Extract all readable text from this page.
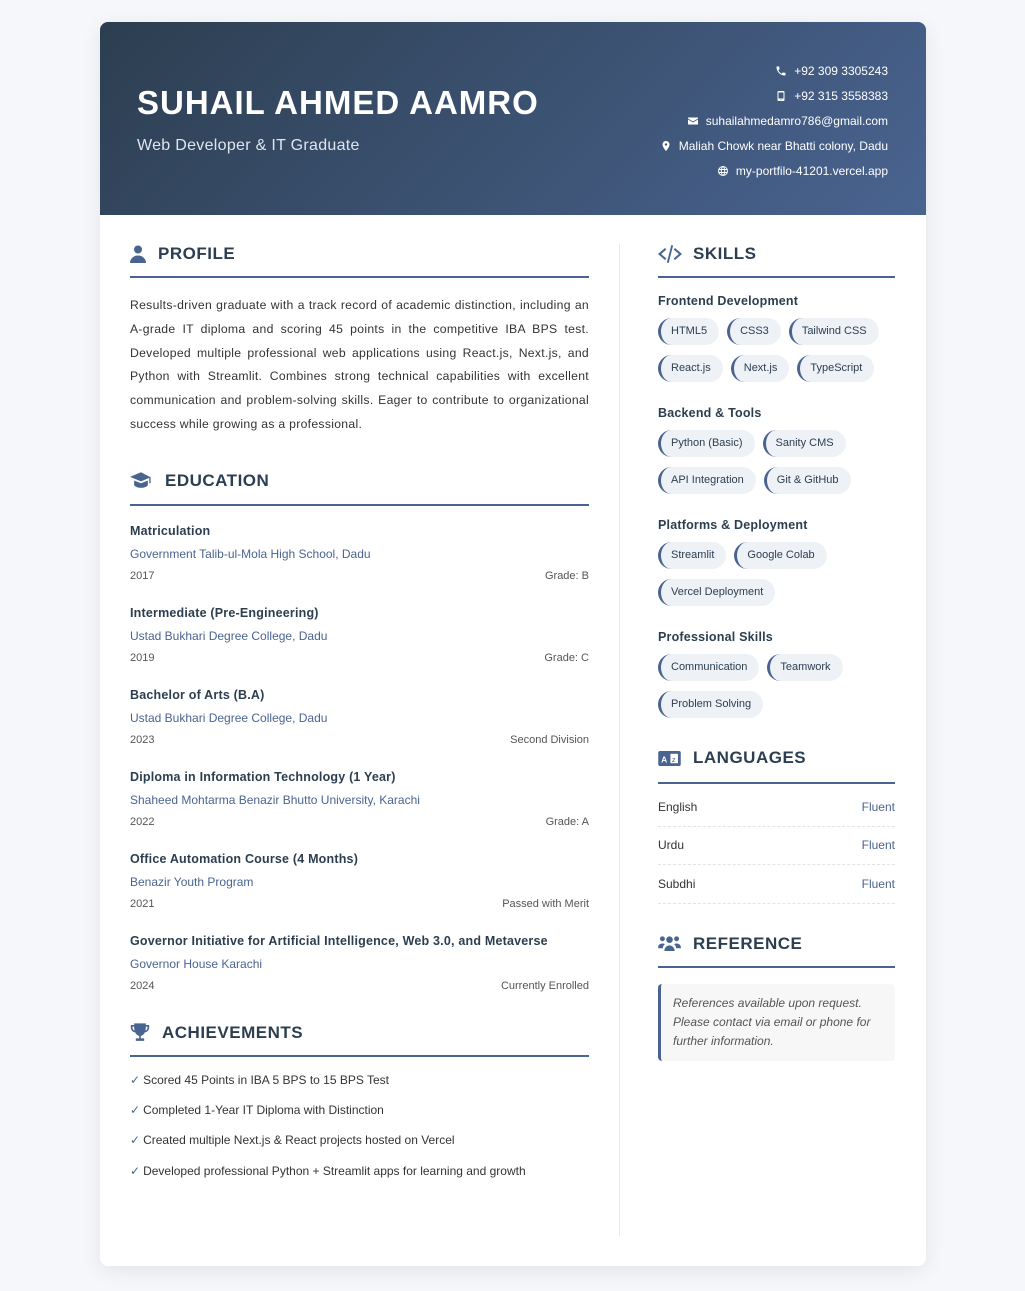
SUHAIL AHMED AAMRO
Web Developer & IT Graduate
+92 309 3305243
+92 315 3558383
suhailahmedamro786@gmail.com
Maliah Chowk near Bhatti colony, Dadu
my-portfilo-41201.vercel.app
PROFILE

Results-driven graduate with a track record of academic distinction, including an A-grade IT diploma and scoring 45 points in the competitive IBA BPS test. Developed multiple professional web applications using React.js, Next.js, and Python with Streamlit. Combines strong technical capabilities with excellent communication and problem-solving skills. Eager to contribute to organizational success while growing as a professional.

EDUCATION
Matriculation
Government Talib-ul-Mola High School, Dadu
2017	Grade: B
Intermediate (Pre-Engineering)
Ustad Bukhari Degree College, Dadu
2019	Grade: C
Bachelor of Arts (B.A)
Ustad Bukhari Degree College, Dadu
2023	Second Division
Diploma in Information Technology (1 Year)
Shaheed Mohtarma Benazir Bhutto University, Karachi
2022	Grade: A
Office Automation Course (4 Months)
Benazir Youth Program
2021	Passed with Merit
Governor Initiative for Artificial Intelligence, Web 3.0, and Metaverse
Governor House Karachi
2024	Currently Enrolled
ACHIEVEMENTS
✓ Scored 45 Points in IBA 5 BPS to 15 BPS Test
✓ Completed 1-Year IT Diploma with Distinction
✓ Created multiple Next.js & React projects hosted on Vercel
✓ Developed professional Python + Streamlit apps for learning and growth
SKILLS
Frontend Development
HTML5	CSS3	Tailwind CSS
React.js	Next.js	TypeScript
Backend & Tools
Python (Basic)	Sanity CMS
API Integration	Git & GitHub
Platforms & Deployment
Streamlit	Google Colab
Vercel Deployment
Professional Skills
Communication	Teamwork
Problem Solving
A z LANGUAGES
English	Fluent
Urdu	Fluent
Subdhi	Fluent
REFERENCE
References available upon request. Please contact via email or phone for further information.
